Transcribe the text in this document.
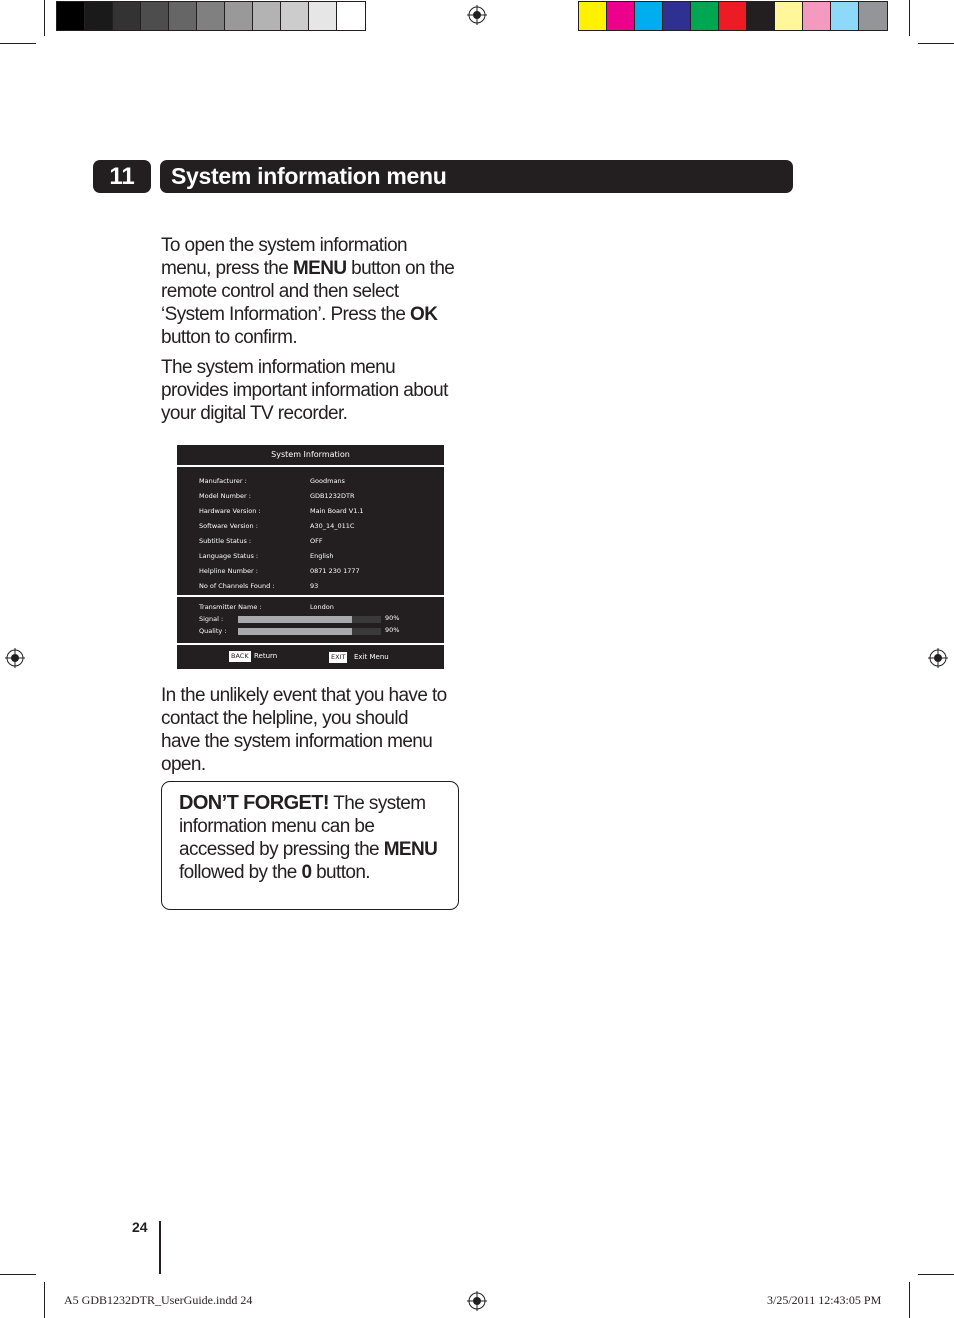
11	System information menu

To open the system information menu, press the MENU button on the remote control and then select ‘System Information’. Press the OK button to confirm.

The system information menu provides important information about your digital TV recorder.

System Information
Manufacturer :	Goodmans
Model Number :	GDB1232DTR
Hardware Version :	Main Board V1.1
Software Version :	A30_14_011C
Subtitle Status :	OFF
Language Status :	English
Helpline Number :	0871 230 1777
No of Channels Found :	93
Transmitter Name :	London
Signal :	90%
Quality :	90%
BACK Return	EXIT Exit Menu

In the unlikely event that you have to contact the helpline, you should have the system information menu open.

DON’T FORGET! The system information menu can be accessed by pressing the MENU followed by the 0 button.

24
A5 GDB1232DTR_UserGuide.indd 24	3/25/2011 12:43:05 PM
